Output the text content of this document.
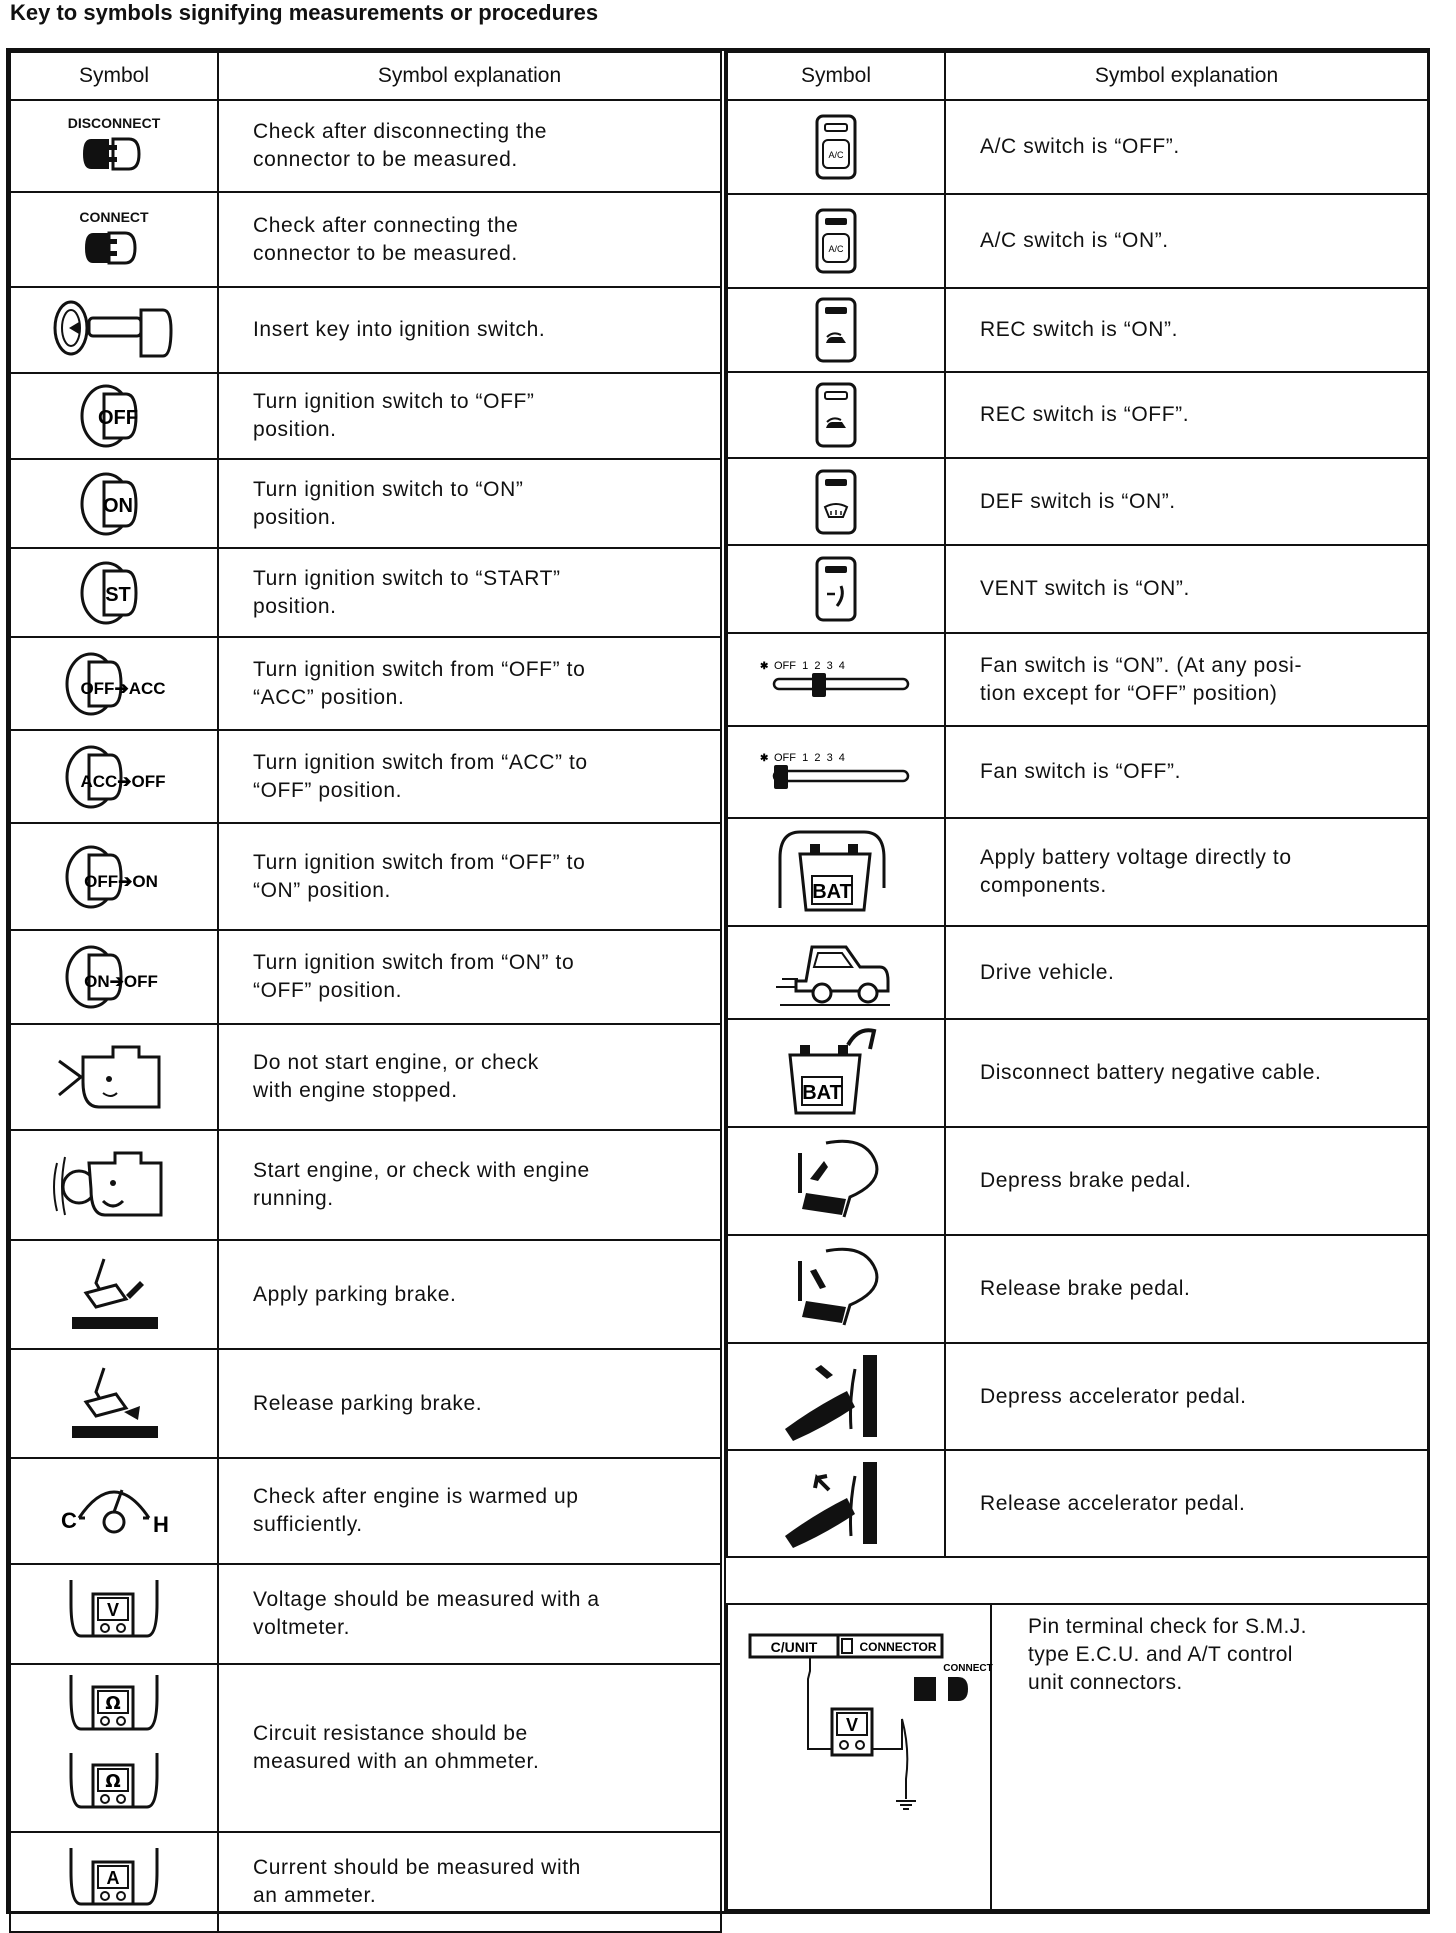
Key to symbols signifying measurements or procedures
Symbol	Symbol explanation

DISCONNECT	Check after disconnecting the
connector to be measured.

CONNECT	Check after connecting the
connector to be measured.

	Insert key into ignition switch.

OFF	Turn ignition switch to “OFF”
position.

ON	Turn ignition switch to “ON”
position.

ST	Turn ignition switch to “START”
position.

OFF➔ACC	Turn ignition switch from “OFF” to
“ACC” position.

ACC➔OFF	Turn ignition switch from “ACC” to
“OFF” position.

OFF➔ON	Turn ignition switch from “OFF” to
“ON” position.

ON➔OFF	Turn ignition switch from “ON” to
“OFF” position.

	Do not start engine, or check
with engine stopped.

	Start engine, or check with engine
running.

	Apply parking brake.

	Release parking brake.

C H	Check after engine is warmed up
sufficiently.

V	Voltage should be measured with a
voltmeter.

Ω
Ω	Circuit resistance should be
measured with an ohmmeter.

A	Current should be measured with
an ammeter.
Symbol	Symbol explanation

A/C	A/C switch is “OFF”.

A/C	A/C switch is “ON”.

	REC switch is “ON”.

	REC switch is “OFF”.

	DEF switch is “ON”.

	VENT switch is “ON”.

✱ OFF  1  2  3  4	Fan switch is “ON”. (At any posi-
tion except for “OFF” position)

✱ OFF  1  2  3  4	Fan switch is “OFF”.

BAT	Apply battery voltage directly to
components.

	Drive vehicle.

BAT	Disconnect battery negative cable.

	Depress brake pedal.

	Release brake pedal.

	Depress accelerator pedal.

	Release accelerator pedal.
C/UNIT	CONNECTOR
CONNECT
V
	Pin terminal check for S.M.J.
type E.C.U. and A/T control
unit connectors.
